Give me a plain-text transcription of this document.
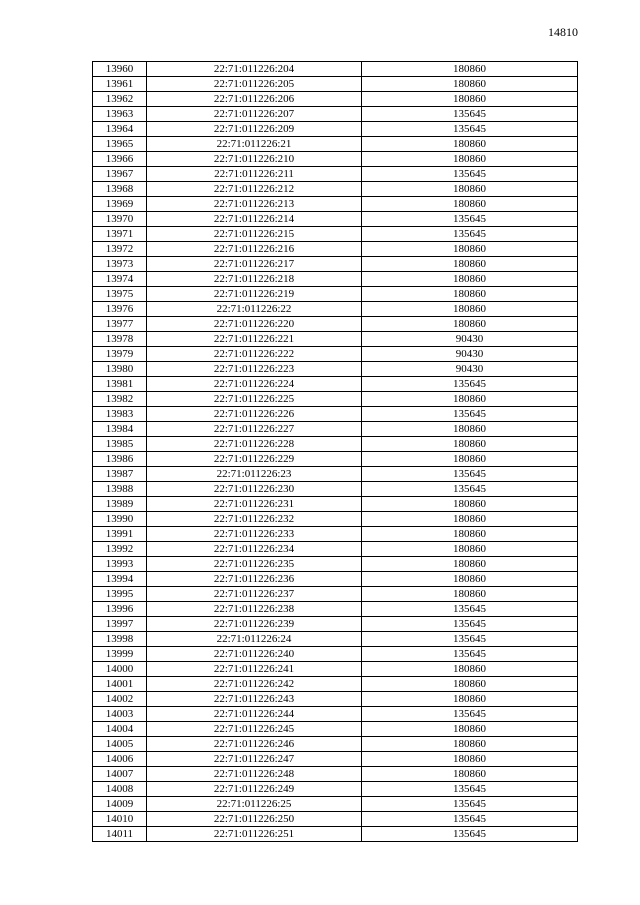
14810
13960	22:71:011226:204	180860
13961	22:71:011226:205	180860
13962	22:71:011226:206	180860
13963	22:71:011226:207	135645
13964	22:71:011226:209	135645
13965	22:71:011226:21	180860
13966	22:71:011226:210	180860
13967	22:71:011226:211	135645
13968	22:71:011226:212	180860
13969	22:71:011226:213	180860
13970	22:71:011226:214	135645
13971	22:71:011226:215	135645
13972	22:71:011226:216	180860
13973	22:71:011226:217	180860
13974	22:71:011226:218	180860
13975	22:71:011226:219	180860
13976	22:71:011226:22	180860
13977	22:71:011226:220	180860
13978	22:71:011226:221	90430
13979	22:71:011226:222	90430
13980	22:71:011226:223	90430
13981	22:71:011226:224	135645
13982	22:71:011226:225	180860
13983	22:71:011226:226	135645
13984	22:71:011226:227	180860
13985	22:71:011226:228	180860
13986	22:71:011226:229	180860
13987	22:71:011226:23	135645
13988	22:71:011226:230	135645
13989	22:71:011226:231	180860
13990	22:71:011226:232	180860
13991	22:71:011226:233	180860
13992	22:71:011226:234	180860
13993	22:71:011226:235	180860
13994	22:71:011226:236	180860
13995	22:71:011226:237	180860
13996	22:71:011226:238	135645
13997	22:71:011226:239	135645
13998	22:71:011226:24	135645
13999	22:71:011226:240	135645
14000	22:71:011226:241	180860
14001	22:71:011226:242	180860
14002	22:71:011226:243	180860
14003	22:71:011226:244	135645
14004	22:71:011226:245	180860
14005	22:71:011226:246	180860
14006	22:71:011226:247	180860
14007	22:71:011226:248	180860
14008	22:71:011226:249	135645
14009	22:71:011226:25	135645
14010	22:71:011226:250	135645
14011	22:71:011226:251	135645
